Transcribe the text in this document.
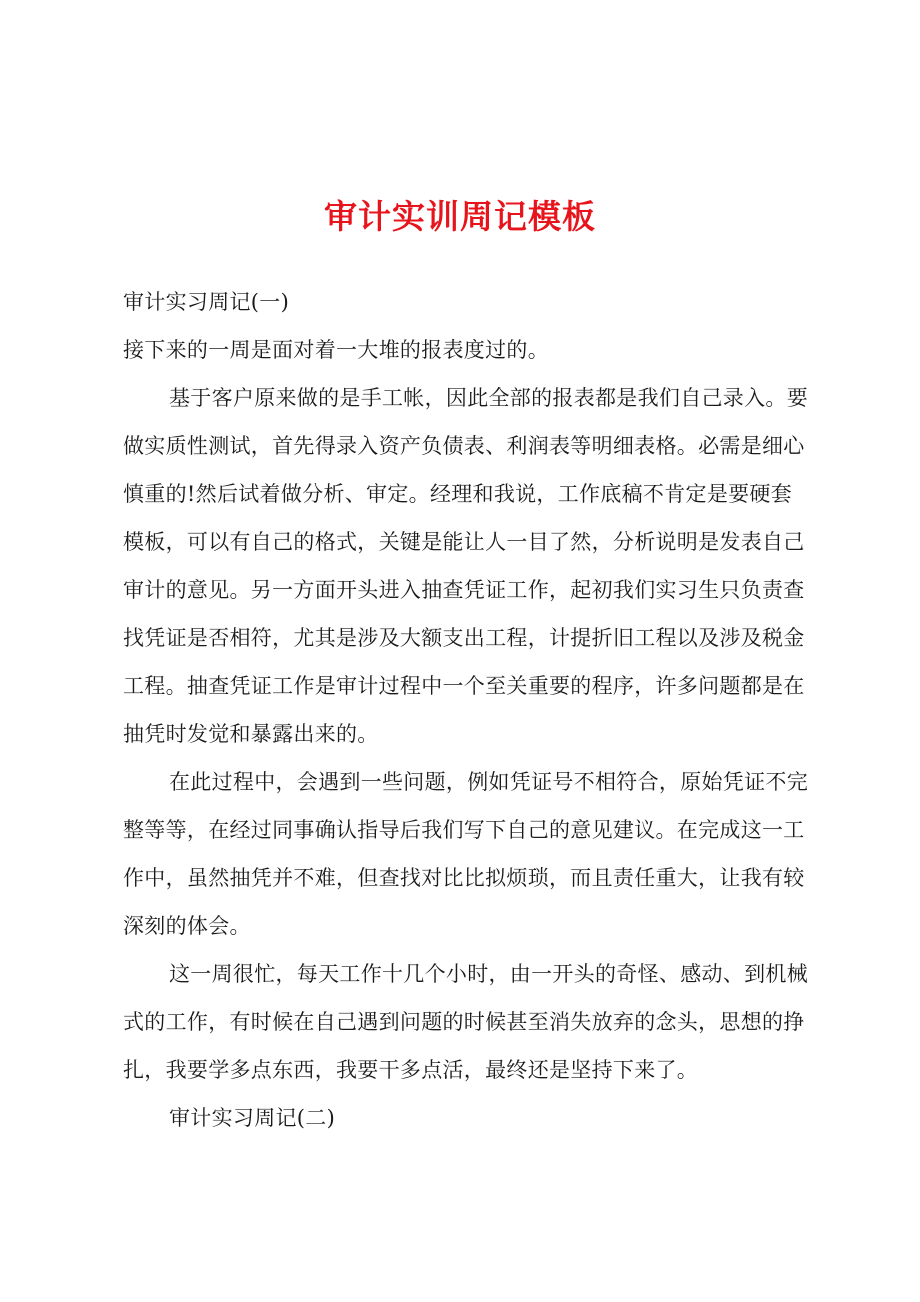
审计实训周记模板
审计实习周记(一)
接下来的一周是面对着一大堆的报表度过的。
基于客户原来做的是手工帐，因此全部的报表都是我们自己录入。要
做实质性测试，首先得录入资产负债表、利润表等明细表格。必需是细心
慎重的!然后试着做分析、审定。经理和我说，工作底稿不肯定是要硬套
模板，可以有自己的格式，关键是能让人一目了然，分析说明是发表自己
审计的意见。另一方面开头进入抽查凭证工作，起初我们实习生只负责查
找凭证是否相符，尤其是涉及大额支出工程，计提折旧工程以及涉及税金
工程。抽查凭证工作是审计过程中一个至关重要的程序，许多问题都是在
抽凭时发觉和暴露出来的。
在此过程中，会遇到一些问题，例如凭证号不相符合，原始凭证不完
整等等，在经过同事确认指导后我们写下自己的意见建议。在完成这一工
作中，虽然抽凭并不难，但查找对比比拟烦琐，而且责任重大，让我有较
深刻的体会。
这一周很忙，每天工作十几个小时，由一开头的奇怪、感动、到机械
式的工作，有时候在自己遇到问题的时候甚至消失放弃的念头，思想的挣
扎，我要学多点东西，我要干多点活，最终还是坚持下来了。
审计实习周记(二)
